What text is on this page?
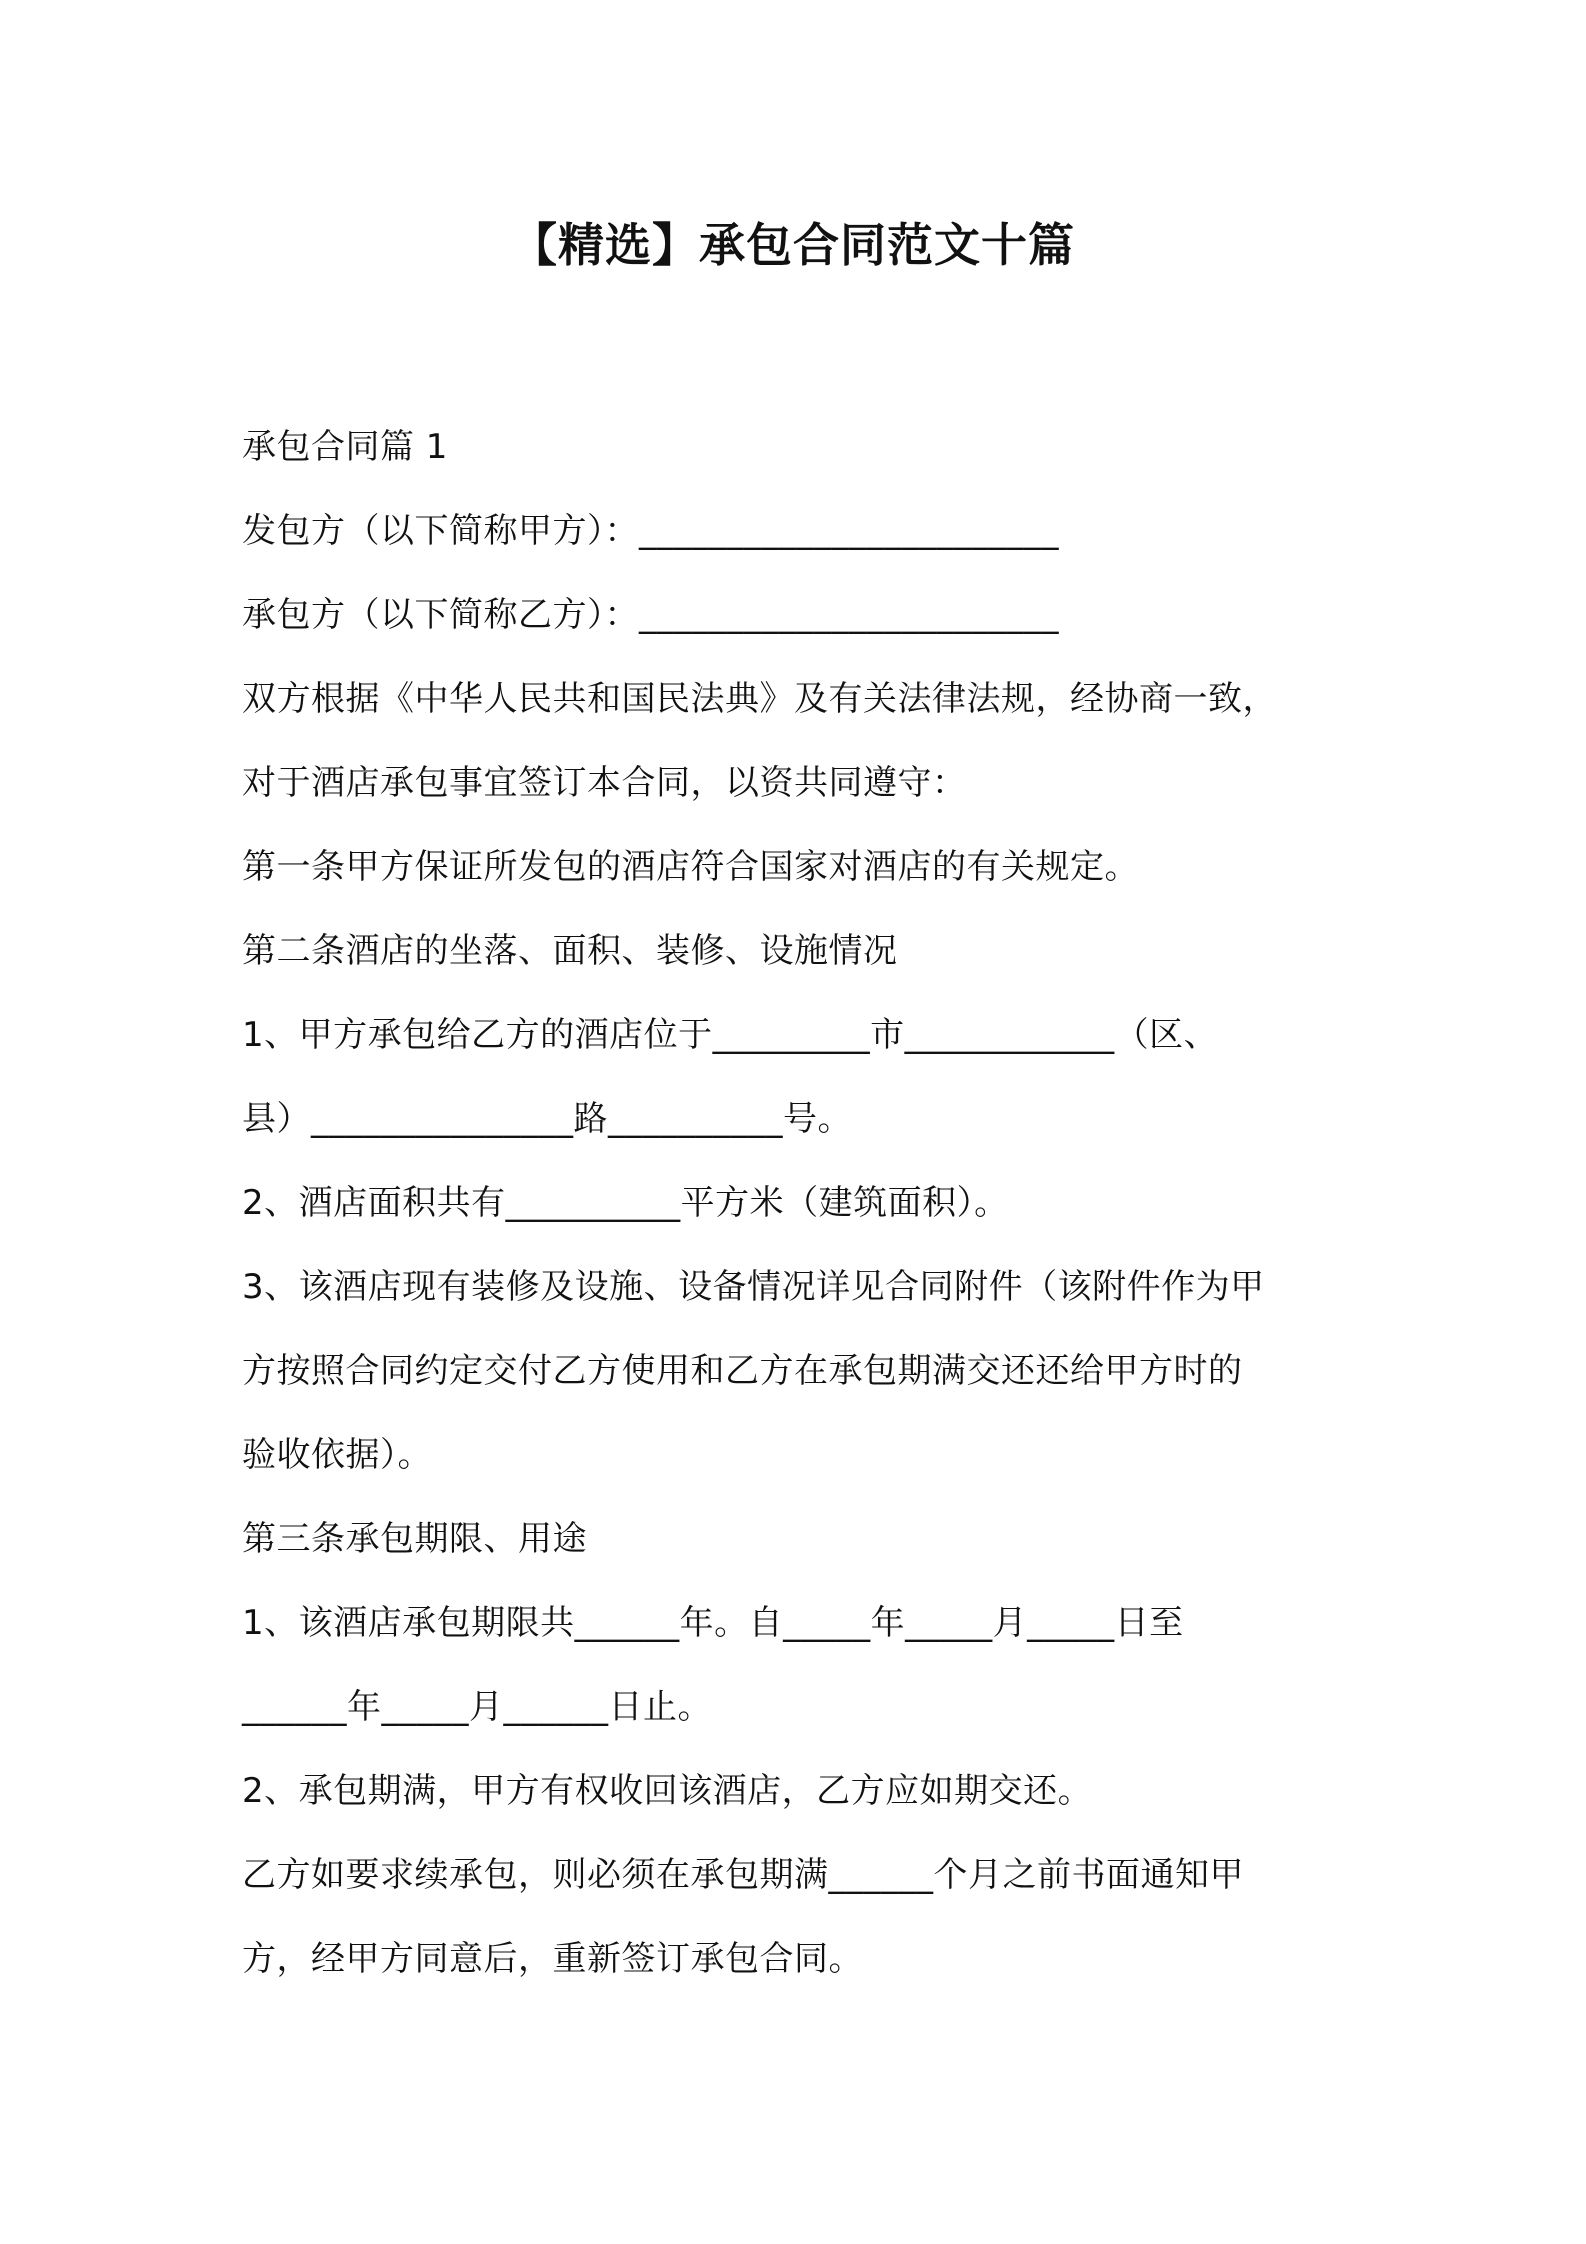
【精选】承包合同范文十篇
承包合同篇 1
发包方（以下简称甲方）：________________________
承包方（以下简称乙方）：________________________
双方根据《中华人民共和国民法典》及有关法律法规，经协商一致，
对于酒店承包事宜签订本合同，以资共同遵守：
第一条甲方保证所发包的酒店符合国家对酒店的有关规定。
第二条酒店的坐落、面积、装修、设施情况
1、甲方承包给乙方的酒店位于_________市____________（区、
县）_______________路__________号。
2、酒店面积共有__________平方米（建筑面积）。
3、该酒店现有装修及设施、设备情况详见合同附件（该附件作为甲
方按照合同约定交付乙方使用和乙方在承包期满交还还给甲方时的
验收依据）。
第三条承包期限、用途
1、该酒店承包期限共______年。自_____年_____月_____日至
______年_____月______日止。
2、承包期满，甲方有权收回该酒店，乙方应如期交还。
乙方如要求续承包，则必须在承包期满______个月之前书面通知甲
方，经甲方同意后，重新签订承包合同。
